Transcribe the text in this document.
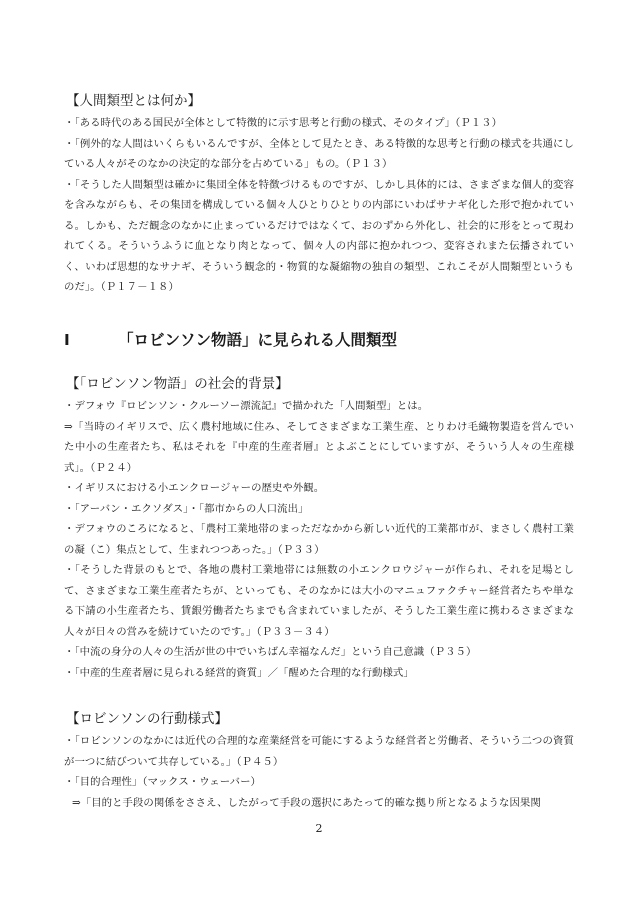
【人間類型とは何か】

・「ある時代のある国民が全体として特徴的に示す思考と行動の様式、そのタイプ」（Ｐ１３）

・「例外的な人間はいくらもいるんですが、全体として見たとき、ある特徴的な思考と行動の様式を共通にしている人々がそのなかの決定的な部分を占めている」もの。（Ｐ１３）

・「そうした人間類型は確かに集団全体を特徴づけるものですが、しかし具体的には、さまざまな個人的変容を含みながらも、その集団を構成している個々人ひとりひとりの内部にいわばサナギ化した形で抱かれている。しかも、ただ観念のなかに止まっているだけではなくて、おのずから外化し、社会的に形をとって現われてくる。そういうふうに血となり肉となって、個々人の内部に抱かれつつ、変容されまた伝播されていく、いわば思想的なサナギ、そういう観念的・物質的な凝縮物の独自の類型、これこそが人間類型というものだ」。（Ｐ１７－１８）

Ⅰ	「ロビンソン物語」に見られる人間類型
【「ロビンソン物語」の社会的背景】

・デフォウ『ロビンソン・クルーソー漂流記』で描かれた「人間類型」とは。

⇒「当時のイギリスで、広く農村地域に住み、そしてさまざまな工業生産、とりわけ毛織物製造を営んでいた中小の生産者たち、私はそれを『中産的生産者層』とよぶことにしていますが、そういう人々の生産様式」。（Ｐ２４）

・イギリスにおける小エンクロージャーの歴史や外観。

・「アーバン・エクソダス」・「都市からの人口流出」

・デフォウのころになると、「農村工業地帯のまっただなかから新しい近代的工業都市が、まさしく農村工業の凝（こ）集点として、生まれつつあった。」（Ｐ３３）

・「そうした背景のもとで、各地の農村工業地帯には無数の小エンクロウジャーが作られ、それを足場として、さまざまな工業生産者たちが、といっても、そのなかには大小のマニュファクチャー経営者たちや単なる下請の小生産者たち、賃銀労働者たちまでも含まれていましたが、そうした工業生産に携わるさまざまな人々が日々の営みを続けていたのです。」（Ｐ３３－３４）

・「中流の身分の人々の生活が世の中でいちばん幸福なんだ」という自己意識（Ｐ３５）

・「中産的生産者層に見られる経営的資質」／「醒めた合理的な行動様式」

【ロビンソンの行動様式】

・「ロビンソンのなかには近代の合理的な産業経営を可能にするような経営者と労働者、そういう二つの資質が一つに結びついて共存している。」（Ｐ４５）

・「目的合理性」（マックス・ウェーバー）

⇒「目的と手段の関係をささえ、したがって手段の選択にあたって的確な拠り所となるような因果関

2
